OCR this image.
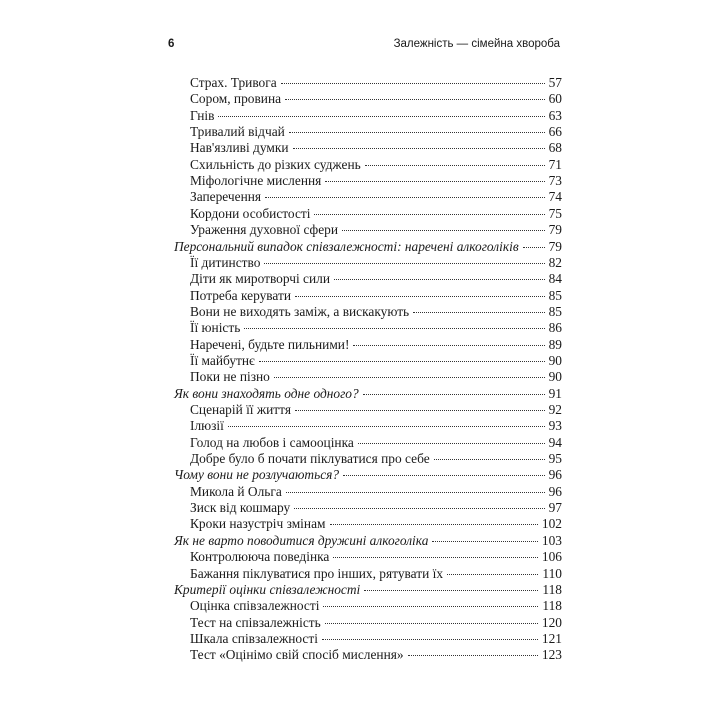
6	Залежність — сімейна хвороба
Страх. Тривога	57
Сором, провина	60
Гнів	63
Тривалий відчай	66
Нав'язливі думки	68
Схильність до різких суджень	71
Міфологічне мислення	73
Заперечення	74
Кордони особистості	75
Ураження духовної сфери	79
Персональний випадок співзалежності: наречені алкоголіків 79
Її дитинство	82
Діти як миротворчі сили	84
Потреба керувати	85
Вони не виходять заміж, а вискакують	85
Її юність	86
Наречені, будьте пильними!	89
Її майбутнє	90
Поки не пізно	90
Як вони знаходять одне одного?	91
Сценарій її життя	92
Ілюзії	93
Голод на любов і самооцінка	94
Добре було б почати піклуватися про себе	95
Чому вони не розлучаються?	96
Микола й Ольга	96
Зиск від кошмару	97
Кроки назустріч змінам	102
Як не варто поводитися дружині алкоголіка	103
Контролююча поведінка	106
Бажання піклуватися про інших, рятувати їх	110
Критерії оцінки співзалежності	118
Оцінка співзалежності	118
Тест на співзалежність	120
Шкала співзалежності	121
Тест «Оцінімо свій спосіб мислення»	123
